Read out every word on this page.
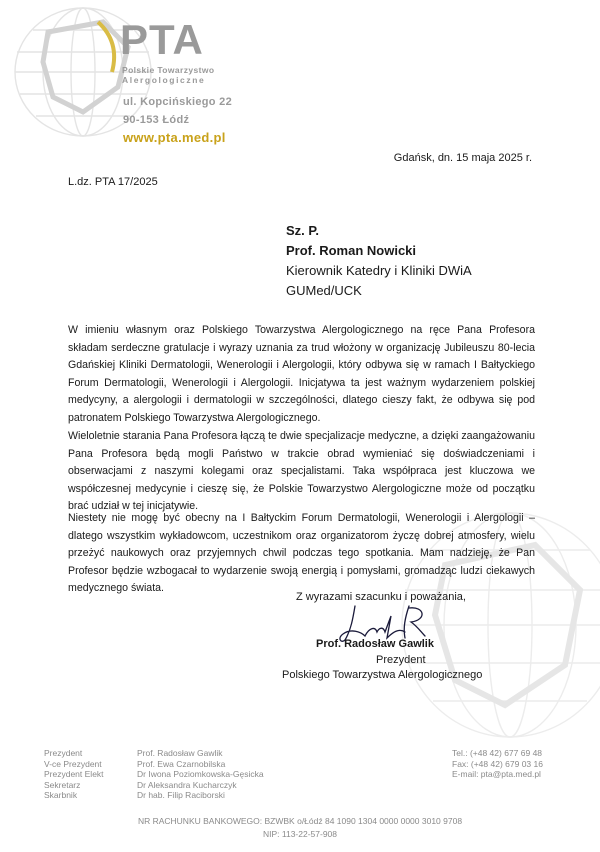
PTA
Polskie Towarzystwo
Alergologiczne
ul. Kopcińskiego 22
90-153 Łódź
www.pta.med.pl
Gdańsk, dn. 15 maja 2025 r.
L.dz. PTA 17/2025
Sz. P.
Prof. Roman Nowicki
Kierownik Katedry i Kliniki DWiA
GUMed/UCK
W imieniu własnym oraz Polskiego Towarzystwa Alergologicznego na ręce Pana Profesora składam serdeczne gratulacje i wyrazy uznania za trud włożony w organizację Jubileuszu 80-lecia Gdańskiej Kliniki Dermatologii, Wenerologii i Alergologii, który odbywa się w ramach I Bałtyckiego Forum Dermatologii, Wenerologii i Alergologii. Inicjatywa ta jest ważnym wydarzeniem polskiej medycyny, a alergologii i dermatologii w szczególności, dlatego cieszy fakt, że odbywa się pod patronatem Polskiego Towarzystwa Alergologicznego.
Wieloletnie starania Pana Profesora łączą te dwie specjalizacje medyczne, a dzięki zaangażowaniu Pana Profesora będą mogli Państwo w trakcie obrad wymieniać się doświadczeniami i obserwacjami z naszymi kolegami oraz specjalistami. Taka współpraca jest kluczowa we współczesnej medycynie i cieszę się, że Polskie Towarzystwo Alergologiczne może od początku brać udział w tej inicjatywie.
Niestety nie mogę być obecny na I Bałtyckim Forum Dermatologii, Wenerologii i Alergologii – dlatego wszystkim wykładowcom, uczestnikom oraz organizatorom życzę dobrej atmosfery, wielu przeżyć naukowych oraz przyjemnych chwil podczas tego spotkania. Mam nadzieję, że Pan Profesor będzie wzbogacał to wydarzenie swoją energią i pomysłami, gromadząc ludzi ciekawych medycznego świata.
Z wyrazami szacunku i poważania,
Prof. Radosław Gawlik
Prezydent
Polskiego Towarzystwa Alergologicznego
Prezydent
V-ce Prezydent
Prezydent Elekt
Sekretarz
Skarbnik
Prof. Radosław Gawlik
Prof. Ewa Czarnobilska
Dr Iwona Poziomkowska-Gęsicka
Dr Aleksandra Kucharczyk
Dr hab. Filip Raciborski
Tel.: (+48 42) 677 69 48
Fax: (+48 42) 679 03 16
E-mail: pta@pta.med.pl
NR RACHUNKU BANKOWEGO: BZWBK o/Łódź 84 1090 1304 0000 0000 3010 9708
NIP: 113-22-57-908
